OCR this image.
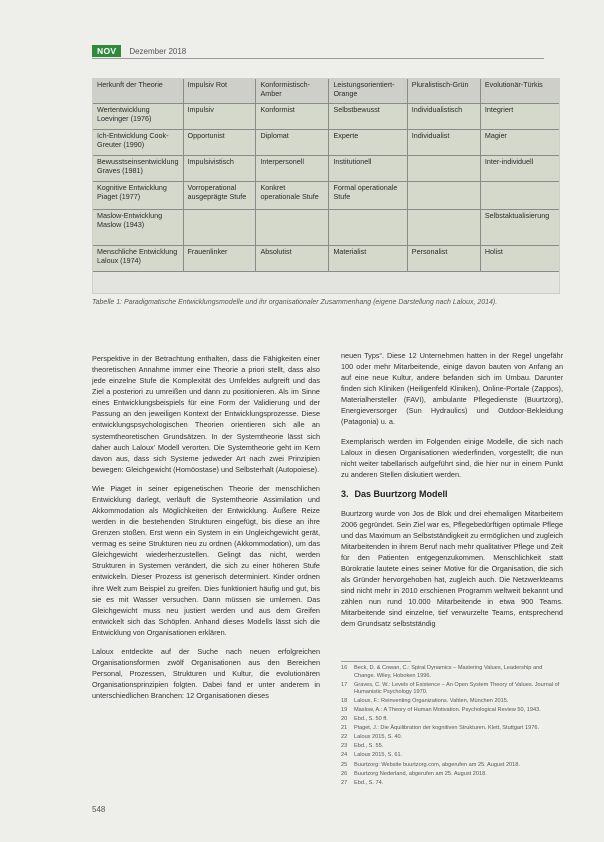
NOV	Dezember 2018
Herkunft der Theorie	Impulsiv Rot	Konformistisch-Amber	Leistungsorientiert-Orange	Pluralistisch-Grün	Evolutionär-Türkis
Wertentwicklung Loevinger (1976)	Impulsiv	Konformist	Selbstbewusst	Individualistisch	Integriert
Ich-Entwicklung Cook-Greuter (1990)	Opportunist	Diplomat	Experte	Individualist	Magier
Bewusstseinsentwicklung Graves (1981)	Impulsivistisch	Interpersonell	Institutionell		Inter-individuell
Kognitive Entwicklung Piaget (1977)	Vorroperational ausgeprägte Stufe	Konkret operationale Stufe	Formal operationale Stufe		
Maslow-Entwicklung Maslow (1943)					Selbstaktualisierung
Menschliche Entwicklung Laloux (1974)	Frauenlinker	Absolutist	Materialist	Personalist	Holist
Tabelle 1: Paradigmatische Entwicklungsmodelle und ihr organisationaler Zusammenhang (eigene Darstellung nach Laloux, 2014).

Perspektive in der Betrachtung enthalten, dass die Fähigkeiten einer theoretischen Annahme immer eine Theorie a priori stellt, dass also jede einzelne Stufe die Komplexität des Umfeldes aufgreift und das Ziel a posteriori zu umreißen und dann zu positionieren. Als im Sinne eines Entwicklungsbeispiels für eine Form der Validierung und der Passung an den jeweiligen Kontext der Entwicklungsprozesse. Diese entwicklungspsychologischen Theorien orientieren sich alle an systemtheoretischen Grundsätzen. In der Systemtheorie lässt sich daher auch Laloux’ Modell verorten. Die Systemtheorie geht im Kern davon aus, dass sich Systeme jedweder Art nach zwei Prinzipien bewegen: Gleichgewicht (Homöostase) und Selbsterhalt (Autopoiese).

Wie Piaget in seiner epigenetischen Theorie der menschlichen Entwicklung darlegt, verläuft die Systemtheorie Assimilation und Akkommodation als Möglichkeiten der Entwicklung. Äußere Reize werden in die bestehenden Strukturen eingefügt, bis diese an ihre Grenzen stoßen. Erst wenn ein System in ein Ungleichgewicht gerät, vermag es seine Strukturen neu zu ordnen (Akkommodation), um das Gleichgewicht wiederherzustellen. Gelingt das nicht, werden Strukturen in Systemen verändert, die sich zu einer höheren Stufe entwickeln. Dieser Prozess ist generisch determiniert. Kinder ordnen ihre Welt zum Beispiel zu greifen. Dies funktioniert häufig und gut, bis sie es mit Wasser versuchen. Dann müssen sie umlernen. Das Gleichgewicht muss neu justiert werden und aus dem Greifen entwickelt sich das Schöpfen. Anhand dieses Modells lässt sich die Entwicklung von Organisationen erklären.

Laloux entdeckte auf der Suche nach neuen erfolgreichen Organisationsformen zwölf Organisationen aus den Bereichen Personal, Prozessen, Strukturen und Kultur, die evolutionären Organisationsprinzipien folgten. Dabei fand er unter anderem in unterschiedlichen Branchen: 12 Organisationen dieses

neuen Typs“. Diese 12 Unternehmen hatten in der Regel ungefähr 100 oder mehr Mitarbeitende, einige davon bauten von Anfang an auf eine neue Kultur, andere befanden sich im Umbau. Darunter finden sich Kliniken (Heiligenfeld Kliniken), Online-Portale (Zappos), Materialhersteller (FAVI), ambulante Pflegedienste (Buurtzorg), Energieversorger (Sun Hydraulics) und Outdoor-Bekleidung (Patagonia) u. a.

Exemplarisch werden im Folgenden einige Modelle, die sich nach Laloux in diesen Organisationen wiederfinden, vorgestellt; die nun nicht weiter tabellarisch aufgeführt sind, die hier nur in einem Punkt zu anderen Stellen diskutiert werden.

3. Das Buurtzorg Modell

Buurtzorg wurde von Jos de Blok und drei ehemaligen Mitarbeitern 2006 gegründet. Sein Ziel war es, Pflegebedürftigen optimale Pflege und das Maximum an Selbstständigkeit zu ermöglichen und zugleich Mitarbeitenden in ihrem Beruf nach mehr qualitativer Pflege und Zeit für den Patienten entgegenzukommen. Menschlichkeit statt Bürokratie lautete eines seiner Motive für die Organisation, die sich als Gründer hervorgehoben hat, zugleich auch. Die Netzwerkteams sind nicht mehr in 2010 erschienen Programm weltweit bekannt und zählen nun rund 10.000 Mitarbeitende in etwa 900 Teams. Mitarbeitende sind einzelne, tief verwurzelte Teams, entsprechend dem Grundsatz selbstständig

16	Beck, D. & Cowan, C.: Spiral Dynamics – Mastering Values, Leadership and Change. Wiley, Hoboken 1996.
17	Graves, C. W.: Levels of Existence – An Open System Theory of Values. Journal of Humanistic Psychology 1970.
18	Laloux, F.: Reinventing Organizations. Vahlen, München 2015.
19	Maslow, A.: A Theory of Human Motivation. Psychological Review 50, 1943.
20	Ebd., S. 50 ff.
21	Piaget, J.: Die Äquilibration der kognitiven Strukturen. Klett, Stuttgart 1976.
22	Laloux 2015, S. 40.
23	Ebd., S. 55.
24	Laloux 2015, S. 61.
25	Buurtzorg: Website buurtzorg.com, abgerufen am 25. August 2018.
26	Buurtzorg Nederland, abgerufen am 25. August 2018.
27	Ebd., S. 74.
548
